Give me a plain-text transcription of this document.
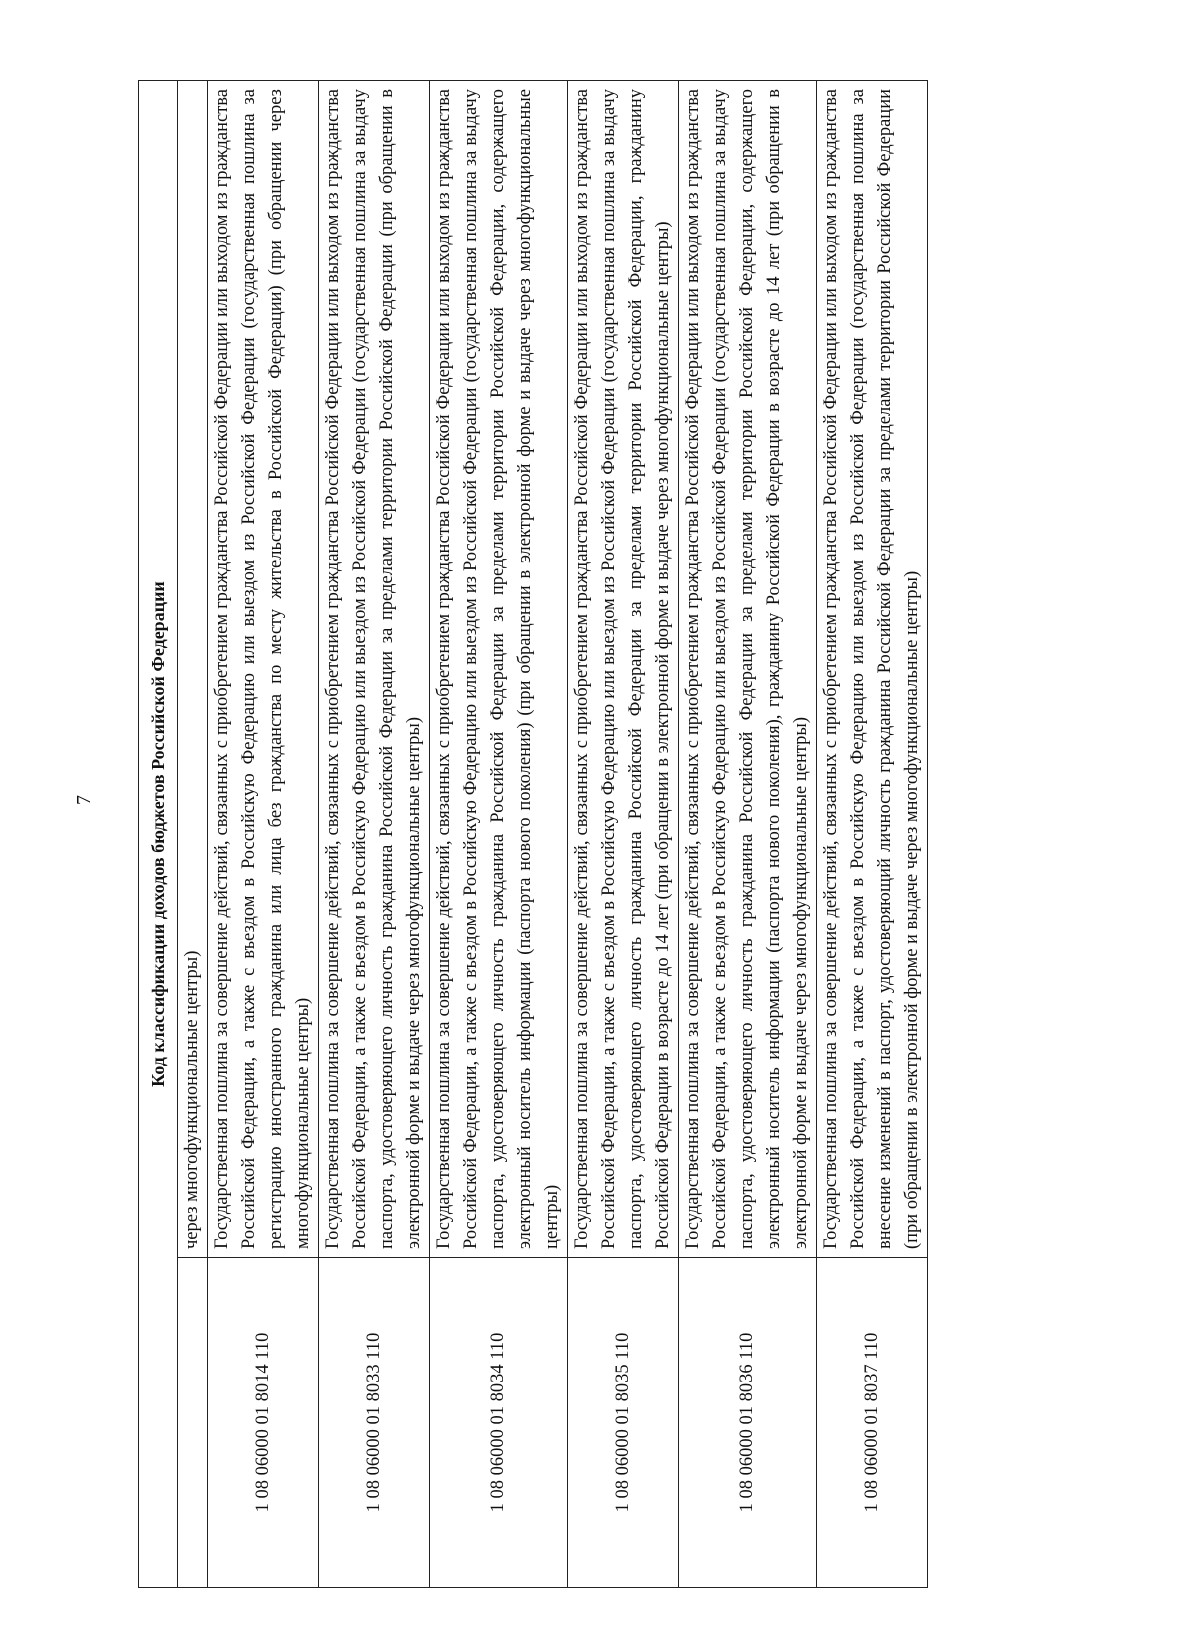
7	Код классификации доходов бюджетов Российской Федерации	
	через многофункциональные центры)
1 08 06000 01 8014 110	Государственная пошлина за совершение действий, связанных с приобретением гражданства Российской Федерации или выходом из гражданства Российской Федерации, а также с въездом в Российскую Федерацию или выездом из Российской Федерации (государственная пошлина за регистрацию иностранного гражданина или лица без гражданства по месту жительства в Российской Федерации) (при обращении через многофункциональные центры)
1 08 06000 01 8033 110	Государственная пошлина за совершение действий, связанных с приобретением гражданства Российской Федерации или выходом из гражданства Российской Федерации, а также с въездом в Российскую Федерацию или выездом из Российской Федерации (государственная пошлина за выдачу паспорта, удостоверяющего личность гражданина Российской Федерации за пределами территории Российской Федерации (при обращении в электронной форме и выдаче через многофункциональные центры)
1 08 06000 01 8034 110	Государственная пошлина за совершение действий, связанных с приобретением гражданства Российской Федерации или выходом из гражданства Российской Федерации, а также с въездом в Российскую Федерацию или выездом из Российской Федерации (государственная пошлина за выдачу паспорта, удостоверяющего личность гражданина Российской Федерации за пределами территории Российской Федерации, содержащего электронный носитель информации (паспорта нового поколения) (при обращении в электронной форме и выдаче через многофункциональные центры)
1 08 06000 01 8035 110	Государственная пошлина за совершение действий, связанных с приобретением гражданства Российской Федерации или выходом из гражданства Российской Федерации, а также с въездом в Российскую Федерацию или выездом из Российской Федерации (государственная пошлина за выдачу паспорта, удостоверяющего личность гражданина Российской Федерации за пределами территории Российской Федерации, гражданину Российской Федерации в возрасте до 14 лет (при обращении в электронной форме и выдаче через многофункциональные центры)
1 08 06000 01 8036 110	Государственная пошлина за совершение действий, связанных с приобретением гражданства Российской Федерации или выходом из гражданства Российской Федерации, а также с въездом в Российскую Федерацию или выездом из Российской Федерации (государственная пошлина за выдачу паспорта, удостоверяющего личность гражданина Российской Федерации за пределами территории Российской Федерации, содержащего электронный носитель информации (паспорта нового поколения), гражданину Российской Федерации в возрасте до 14 лет (при обращении в электронной форме и выдаче через многофункциональные центры)
1 08 06000 01 8037 110	Государственная пошлина за совершение действий, связанных с приобретением гражданства Российской Федерации или выходом из гражданства Российской Федерации, а также с въездом в Российскую Федерацию или выездом из Российской Федерации (государственная пошлина за внесение изменений в паспорт, удостоверяющий личность гражданина Российской Федерации за пределами территории Российской Федерации (при обращении в электронной форме и выдаче через многофункциональные центры)
